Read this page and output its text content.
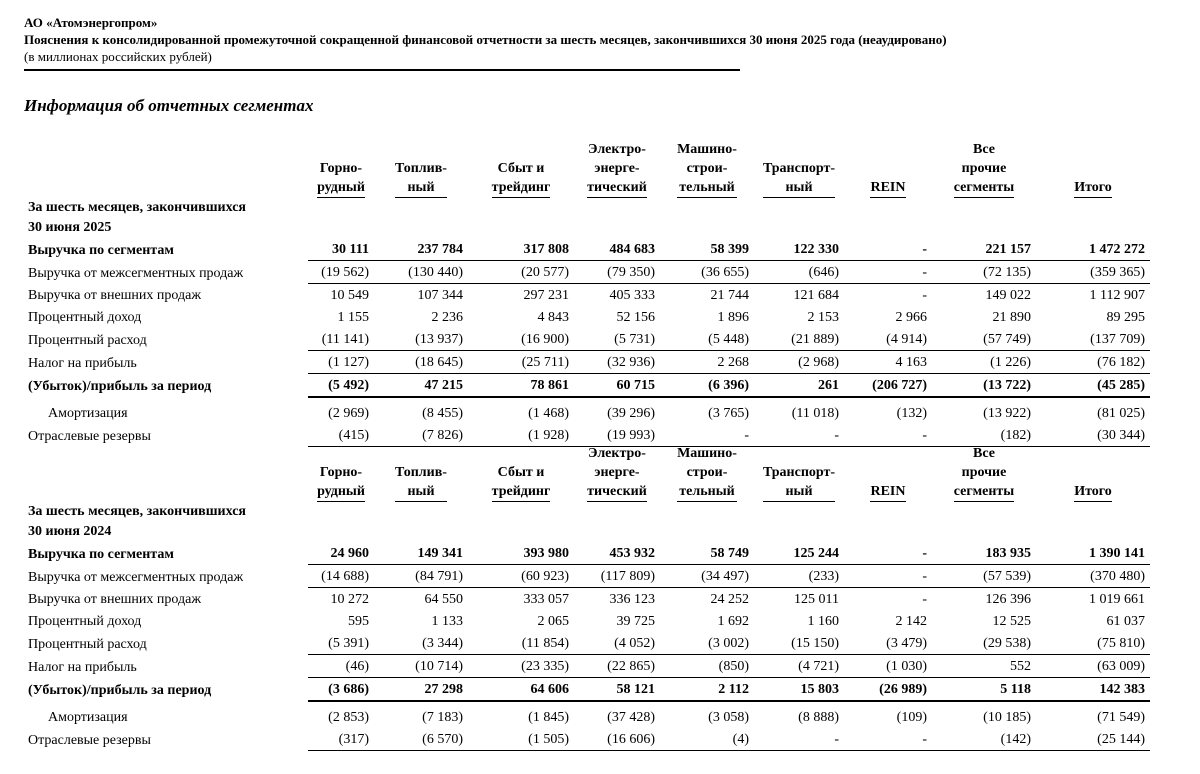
АО «Атомэнергопром»
Пояснения к консолидированной промежуточной сокращенной финансовой отчетности за шесть месяцев, закончившихся 30 июня 2025 года (неаудировано)
(в миллионах российских рублей)
Информация об отчетных сегментах
	Горно-
рудный	Топлив-
ный	Сбыт и
трейдинг	Электро-
энерге-
тический	Машино-
строи-
тельный	Транспорт-
ный	REIN	Все
прочие
сегменты	Итого
За шесть месяцев, закончившихся									
30 июня 2025									
Выручка по сегментам	30 111	237 784	317 808	484 683	58 399	122 330	-	221 157	1 472 272
Выручка от межсегментных продаж	(19 562)	(130 440)	(20 577)	(79 350)	(36 655)	(646)	-	(72 135)	(359 365)
Выручка от внешних продаж	10 549	107 344	297 231	405 333	21 744	121 684	-	149 022	1 112 907
Процентный доход	1 155	2 236	4 843	52 156	1 896	2 153	2 966	21 890	89 295
Процентный расход	(11 141)	(13 937)	(16 900)	(5 731)	(5 448)	(21 889)	(4 914)	(57 749)	(137 709)
Налог на прибыль	(1 127)	(18 645)	(25 711)	(32 936)	2 268	(2 968)	4 163	(1 226)	(76 182)
(Убыток)/прибыль за период	(5 492)	47 215	78 861	60 715	(6 396)	261	(206 727)	(13 722)	(45 285)

Амортизация	(2 969)	(8 455)	(1 468)	(39 296)	(3 765)	(11 018)	(132)	(13 922)	(81 025)
Отраслевые резервы	(415)	(7 826)	(1 928)	(19 993)	-	-	-	(182)	(30 344)
	Горно-
рудный	Топлив-
ный	Сбыт и
трейдинг	Электро-
энерге-
тический	Машино-
строи-
тельный	Транспорт-
ный	REIN	Все
прочие
сегменты	Итого
За шесть месяцев, закончившихся									
30 июня 2024									
Выручка по сегментам	24 960	149 341	393 980	453 932	58 749	125 244	-	183 935	1 390 141
Выручка от межсегментных продаж	(14 688)	(84 791)	(60 923)	(117 809)	(34 497)	(233)	-	(57 539)	(370 480)
Выручка от внешних продаж	10 272	64 550	333 057	336 123	24 252	125 011	-	126 396	1 019 661
Процентный доход	595	1 133	2 065	39 725	1 692	1 160	2 142	12 525	61 037
Процентный расход	(5 391)	(3 344)	(11 854)	(4 052)	(3 002)	(15 150)	(3 479)	(29 538)	(75 810)
Налог на прибыль	(46)	(10 714)	(23 335)	(22 865)	(850)	(4 721)	(1 030)	552	(63 009)
(Убыток)/прибыль за период	(3 686)	27 298	64 606	58 121	2 112	15 803	(26 989)	5 118	142 383

Амортизация	(2 853)	(7 183)	(1 845)	(37 428)	(3 058)	(8 888)	(109)	(10 185)	(71 549)
Отраслевые резервы	(317)	(6 570)	(1 505)	(16 606)	(4)	-	-	(142)	(25 144)
